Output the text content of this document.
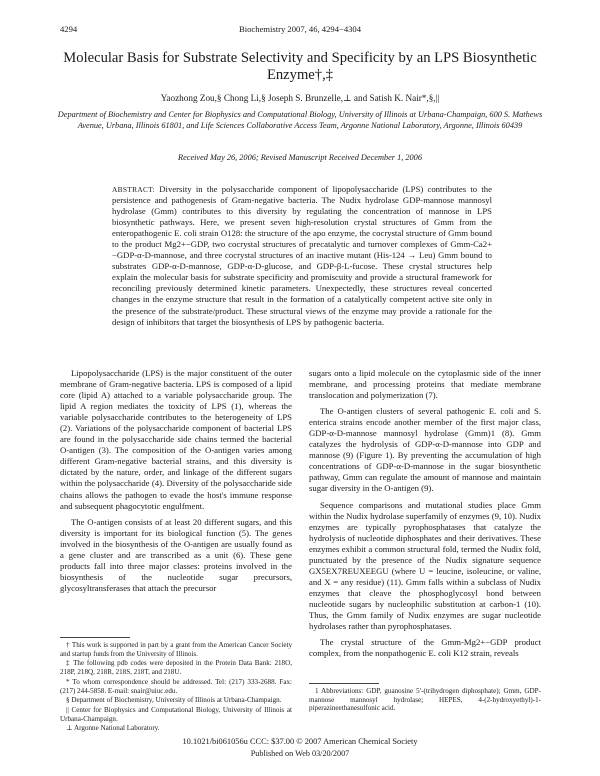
4294	Biochemistry 2007, 46, 4294−4304
Molecular Basis for Substrate Selectivity and Specificity by an LPS Biosynthetic Enzyme†,‡
Yaozhong Zou,§ Chong Li,§ Joseph S. Brunzelle,⊥ and Satish K. Nair*,§,||
Department of Biochemistry and Center for Biophysics and Computational Biology, University of Illinois at Urbana-Champaign, 600 S. Mathews Avenue, Urbana, Illinois 61801, and Life Sciences Collaborative Access Team, Argonne National Laboratory, Argonne, Illinois 60439
Received May 26, 2006; Revised Manuscript Received December 1, 2006
ABSTRACT: Diversity in the polysaccharide component of lipopolysaccharide (LPS) contributes to the persistence and pathogenesis of Gram-negative bacteria. The Nudix hydrolase GDP-mannose mannosyl hydrolase (Gmm) contributes to this diversity by regulating the concentration of mannose in LPS biosynthetic pathways. Here, we present seven high-resolution crystal structures of Gmm from the enteropathogenic E. coli strain O128: the structure of the apo enzyme, the cocrystal structure of Gmm bound to the product Mg2+−GDP, two cocrystal structures of precatalytic and turnover complexes of Gmm-Ca2+−GDP-α-D-mannose, and three cocrystal structures of an inactive mutant (His-124 → Leu) Gmm bound to substrates GDP-α-D-mannose, GDP-α-D-glucose, and GDP-β-L-fucose. These crystal structures help explain the molecular basis for substrate specificity and promiscuity and provide a structural framework for reconciling previously determined kinetic parameters. Unexpectedly, these structures reveal concerted changes in the enzyme structure that result in the formation of a catalytically competent active site only in the presence of the substrate/product. These structural views of the enzyme may provide a rationale for the design of inhibitors that target the biosynthesis of LPS by pathogenic bacteria.

Lipopolysaccharide (LPS) is the major constituent of the outer membrane of Gram-negative bacteria. LPS is composed of a lipid core (lipid A) attached to a variable polysaccharide group. The lipid A region mediates the toxicity of LPS (1), whereas the variable polysaccharide contributes to the heterogeneity of LPS (2). Variations of the polysaccharide component of bacterial LPS are found in the polysaccharide side chains termed the bacterial O-antigen (3). The composition of the O-antigen varies among different Gram-negative bacterial strains, and this diversity is dictated by the nature, order, and linkage of the different sugars within the polysaccharide (4). Diversity of the polysaccharide side chains allows the pathogen to evade the host's immune response and subsequent phagocytotic engulfment.

The O-antigen consists of at least 20 different sugars, and this diversity is important for its biological function (5). The genes involved in the biosynthesis of the O-antigen are usually found as a gene cluster and are transcribed as a unit (6). These gene products fall into three major classes: proteins involved in the biosynthesis of the nucleotide sugar precursors, glycosyltransferases that attach the precursor

sugars onto a lipid molecule on the cytoplasmic side of the inner membrane, and processing proteins that mediate membrane translocation and polymerization (7).

The O-antigen clusters of several pathogenic E. coli and S. enterica strains encode another member of the first major class, GDP-α-D-mannose mannosyl hydrolase (Gmm)1 (8). Gmm catalyzes the hydrolysis of GDP-α-D-mannose into GDP and mannose (9) (Figure 1). By preventing the accumulation of high concentrations of GDP-α-D-mannose in the sugar biosynthetic pathway, Gmm can regulate the amount of mannose and maintain sugar diversity in the O-antigen (9).

Sequence comparisons and mutational studies place Gmm within the Nudix hydrolase superfamily of enzymes (9, 10). Nudix enzymes are typically pyrophosphatases that catalyze the hydrolysis of nucleotide diphosphates and their derivatives. These enzymes exhibit a common structural fold, termed the Nudix fold, punctuated by the presence of the Nudix signature sequence GX5EX7REUXEEGU (where U = leucine, isoleucine, or valine, and X = any residue) (11). Gmm falls within a subclass of Nudix enzymes that cleave the phosphoglycosyl bond between nucleotide sugars by nucleophilic substitution at carbon-1 (10). Thus, the Gmm family of Nudix enzymes are sugar nucleotide hydrolases rather than pyrophosphatases.

The crystal structure of the Gmm-Mg2+−GDP product complex, from the nonpathogenic E. coli K12 strain, reveals

† This work is supported in part by a grant from the American Cancer Society and startup funds from the University of Illinois.

‡ The following pdb codes were deposited in the Protein Data Bank: 218O, 218P, 218Q, 218R, 218S, 218T, and 218U.

* To whom correspondence should be addressed. Tel: (217) 333-2688. Fax: (217) 244-5858. E-mail: snair@uiuc.edu.

§ Department of Biochemistry, University of Illinois at Urbana-Champaign.

|| Center for Biophysics and Computational Biology, University of Illinois at Urbana-Champaign.

⊥ Argonne National Laboratory.

1 Abbreviations: GDP, guanosine 5′-(trihydrogen diphosphate); Gmm, GDP-mannose mannosyl hydrolase; HEPES, 4-(2-hydroxyethyl)-1-piperazineethanesulfonic acid.

10.1021/bi061056u CCC: $37.00 © 2007 American Chemical Society
Published on Web 03/20/2007
